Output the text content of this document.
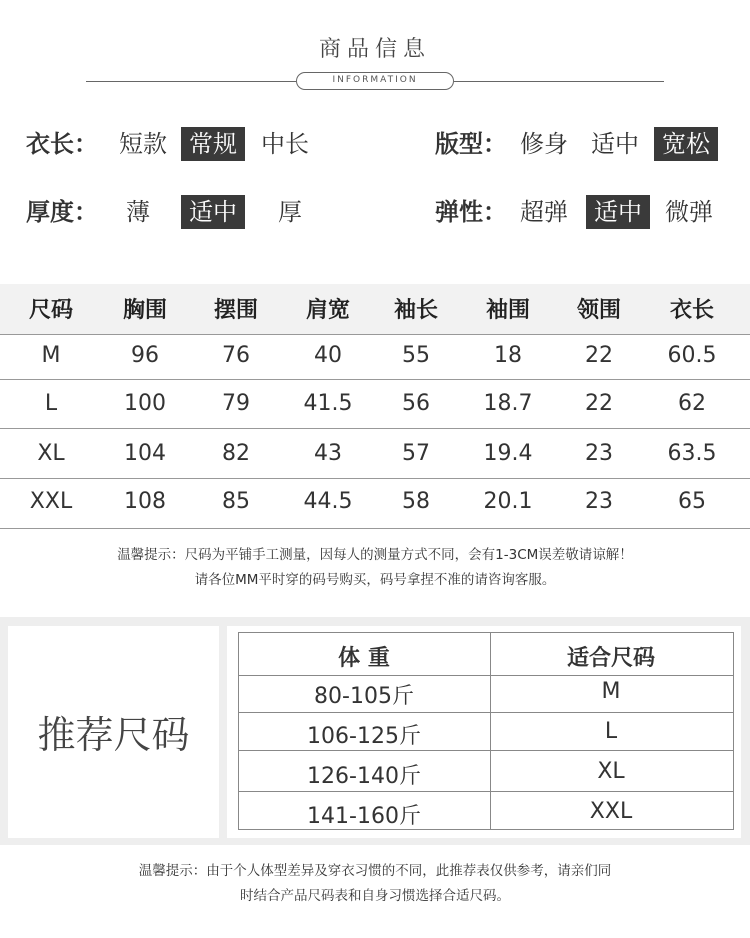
商品信息
INFORMATION
衣长： 短款 常规	中长	版型： 修身 适中 宽松
厚度：	薄	适中	厚	弹性： 超弹	适中 微弹
尺码	胸围	摆围	肩宽	袖长	袖围	领围	衣长
M	96	76	40	55	18	22	60.5
L	100	79	41.5	56	18.7	22	62
XL	104	82	43	57	19.4	23	63.5
XXL	108	85	44.5	58	20.1	23	65
温馨提示：尺码为平铺手工测量，因每人的测量方式不同，会有1-3CM误差敬请谅解！
请各位MM平时穿的码号购买，码号拿捏不准的请咨询客服。
推荐尺码
体 重	适合尺码
80-105斤	M
106-125斤	L
126-140斤	XL
141-160斤	XXL
温馨提示：由于个人体型差异及穿衣习惯的不同，此推荐表仅供参考，请亲们同
时结合产品尺码表和自身习惯选择合适尺码。
